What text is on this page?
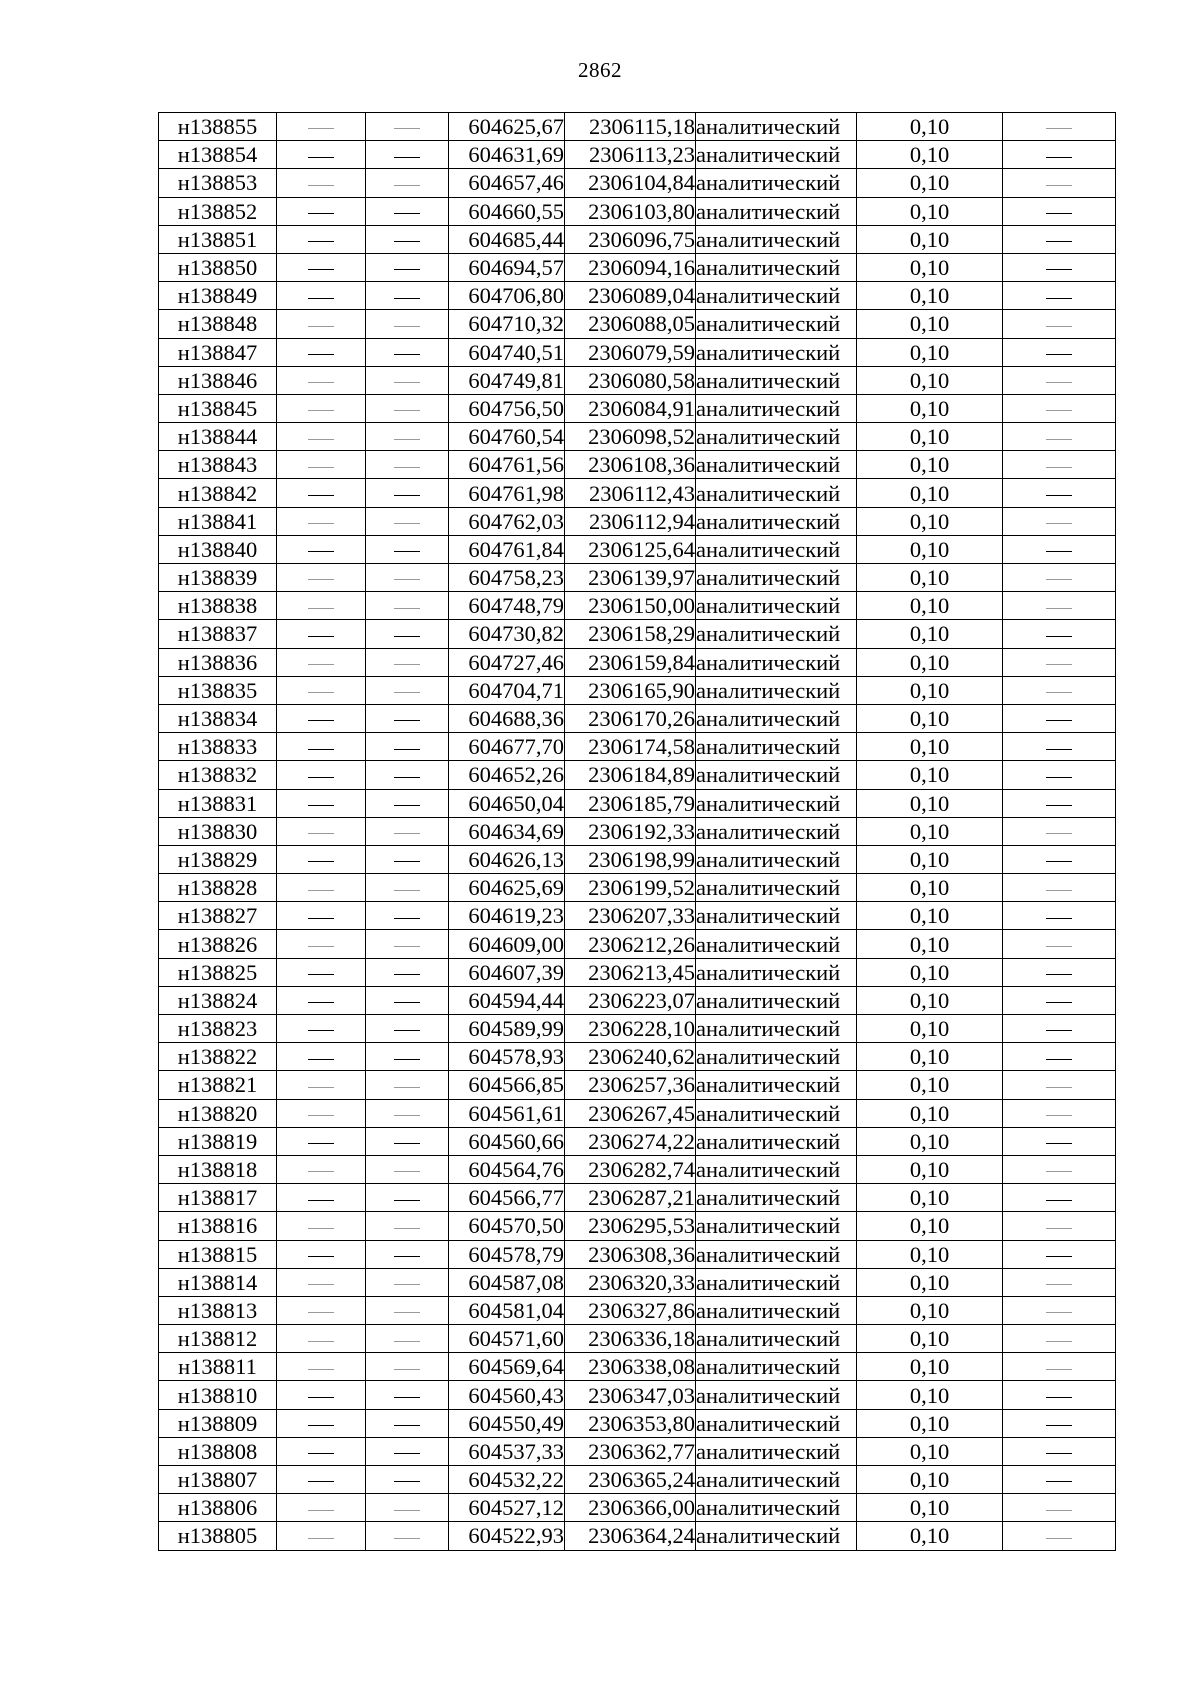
2862
н138855			604625,67	2306115,18	аналитический	0,10	

н138854			604631,69	2306113,23	аналитический	0,10	

н138853			604657,46	2306104,84	аналитический	0,10	

н138852			604660,55	2306103,80	аналитический	0,10	

н138851			604685,44	2306096,75	аналитический	0,10	

н138850			604694,57	2306094,16	аналитический	0,10	

н138849			604706,80	2306089,04	аналитический	0,10	

н138848			604710,32	2306088,05	аналитический	0,10	

н138847			604740,51	2306079,59	аналитический	0,10	

н138846			604749,81	2306080,58	аналитический	0,10	

н138845			604756,50	2306084,91	аналитический	0,10	

н138844			604760,54	2306098,52	аналитический	0,10	

н138843			604761,56	2306108,36	аналитический	0,10	

н138842			604761,98	2306112,43	аналитический	0,10	

н138841			604762,03	2306112,94	аналитический	0,10	

н138840			604761,84	2306125,64	аналитический	0,10	

н138839			604758,23	2306139,97	аналитический	0,10	

н138838			604748,79	2306150,00	аналитический	0,10	

н138837			604730,82	2306158,29	аналитический	0,10	

н138836			604727,46	2306159,84	аналитический	0,10	

н138835			604704,71	2306165,90	аналитический	0,10	

н138834			604688,36	2306170,26	аналитический	0,10	

н138833			604677,70	2306174,58	аналитический	0,10	

н138832			604652,26	2306184,89	аналитический	0,10	

н138831			604650,04	2306185,79	аналитический	0,10	

н138830			604634,69	2306192,33	аналитический	0,10	

н138829			604626,13	2306198,99	аналитический	0,10	

н138828			604625,69	2306199,52	аналитический	0,10	

н138827			604619,23	2306207,33	аналитический	0,10	

н138826			604609,00	2306212,26	аналитический	0,10	

н138825			604607,39	2306213,45	аналитический	0,10	

н138824			604594,44	2306223,07	аналитический	0,10	

н138823			604589,99	2306228,10	аналитический	0,10	

н138822			604578,93	2306240,62	аналитический	0,10	

н138821			604566,85	2306257,36	аналитический	0,10	

н138820			604561,61	2306267,45	аналитический	0,10	

н138819			604560,66	2306274,22	аналитический	0,10	

н138818			604564,76	2306282,74	аналитический	0,10	

н138817			604566,77	2306287,21	аналитический	0,10	

н138816			604570,50	2306295,53	аналитический	0,10	

н138815			604578,79	2306308,36	аналитический	0,10	

н138814			604587,08	2306320,33	аналитический	0,10	

н138813			604581,04	2306327,86	аналитический	0,10	

н138812			604571,60	2306336,18	аналитический	0,10	

н138811			604569,64	2306338,08	аналитический	0,10	

н138810			604560,43	2306347,03	аналитический	0,10	

н138809			604550,49	2306353,80	аналитический	0,10	

н138808			604537,33	2306362,77	аналитический	0,10	

н138807			604532,22	2306365,24	аналитический	0,10	

н138806			604527,12	2306366,00	аналитический	0,10	

н138805			604522,93	2306364,24	аналитический	0,10	
